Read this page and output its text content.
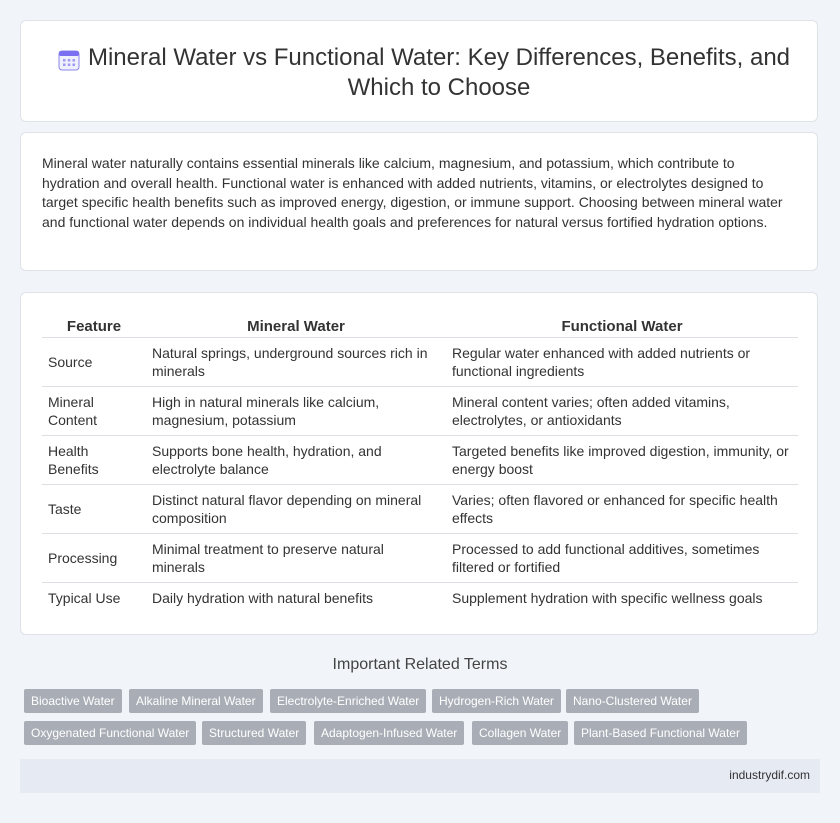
Mineral Water vs Functional Water: Key Differences, Benefits, and Which to Choose

Mineral water naturally contains essential minerals like calcium, magnesium, and potassium, which contribute to hydration and overall health. Functional water is enhanced with added nutrients, vitamins, or electrolytes designed to target specific health benefits such as improved energy, digestion, or immune support. Choosing between mineral water and functional water depends on individual health goals and preferences for natural versus fortified hydration options.

Feature	Mineral Water	Functional Water
Source	Natural springs, underground sources rich in minerals	Regular water enhanced with added nutrients or functional ingredients
Mineral Content	High in natural minerals like calcium, magnesium, potassium	Mineral content varies; often added vitamins, electrolytes, or antioxidants
Health Benefits	Supports bone health, hydration, and electrolyte balance	Targeted benefits like improved digestion, immunity, or energy boost
Taste	Distinct natural flavor depending on mineral composition	Varies; often flavored or enhanced for specific health effects
Processing	Minimal treatment to preserve natural minerals	Processed to add functional additives, sometimes filtered or fortified
Typical Use	Daily hydration with natural benefits	Supplement hydration with specific wellness goals
Important Related Terms
Bioactive Water	Alkaline Mineral Water	Electrolyte-Enriched Water	Hydrogen-Rich Water	Nano-Clustered Water
Oxygenated Functional Water	Structured Water	Adaptogen-Infused Water	Collagen Water	Plant-Based Functional Water
industrydif.com
